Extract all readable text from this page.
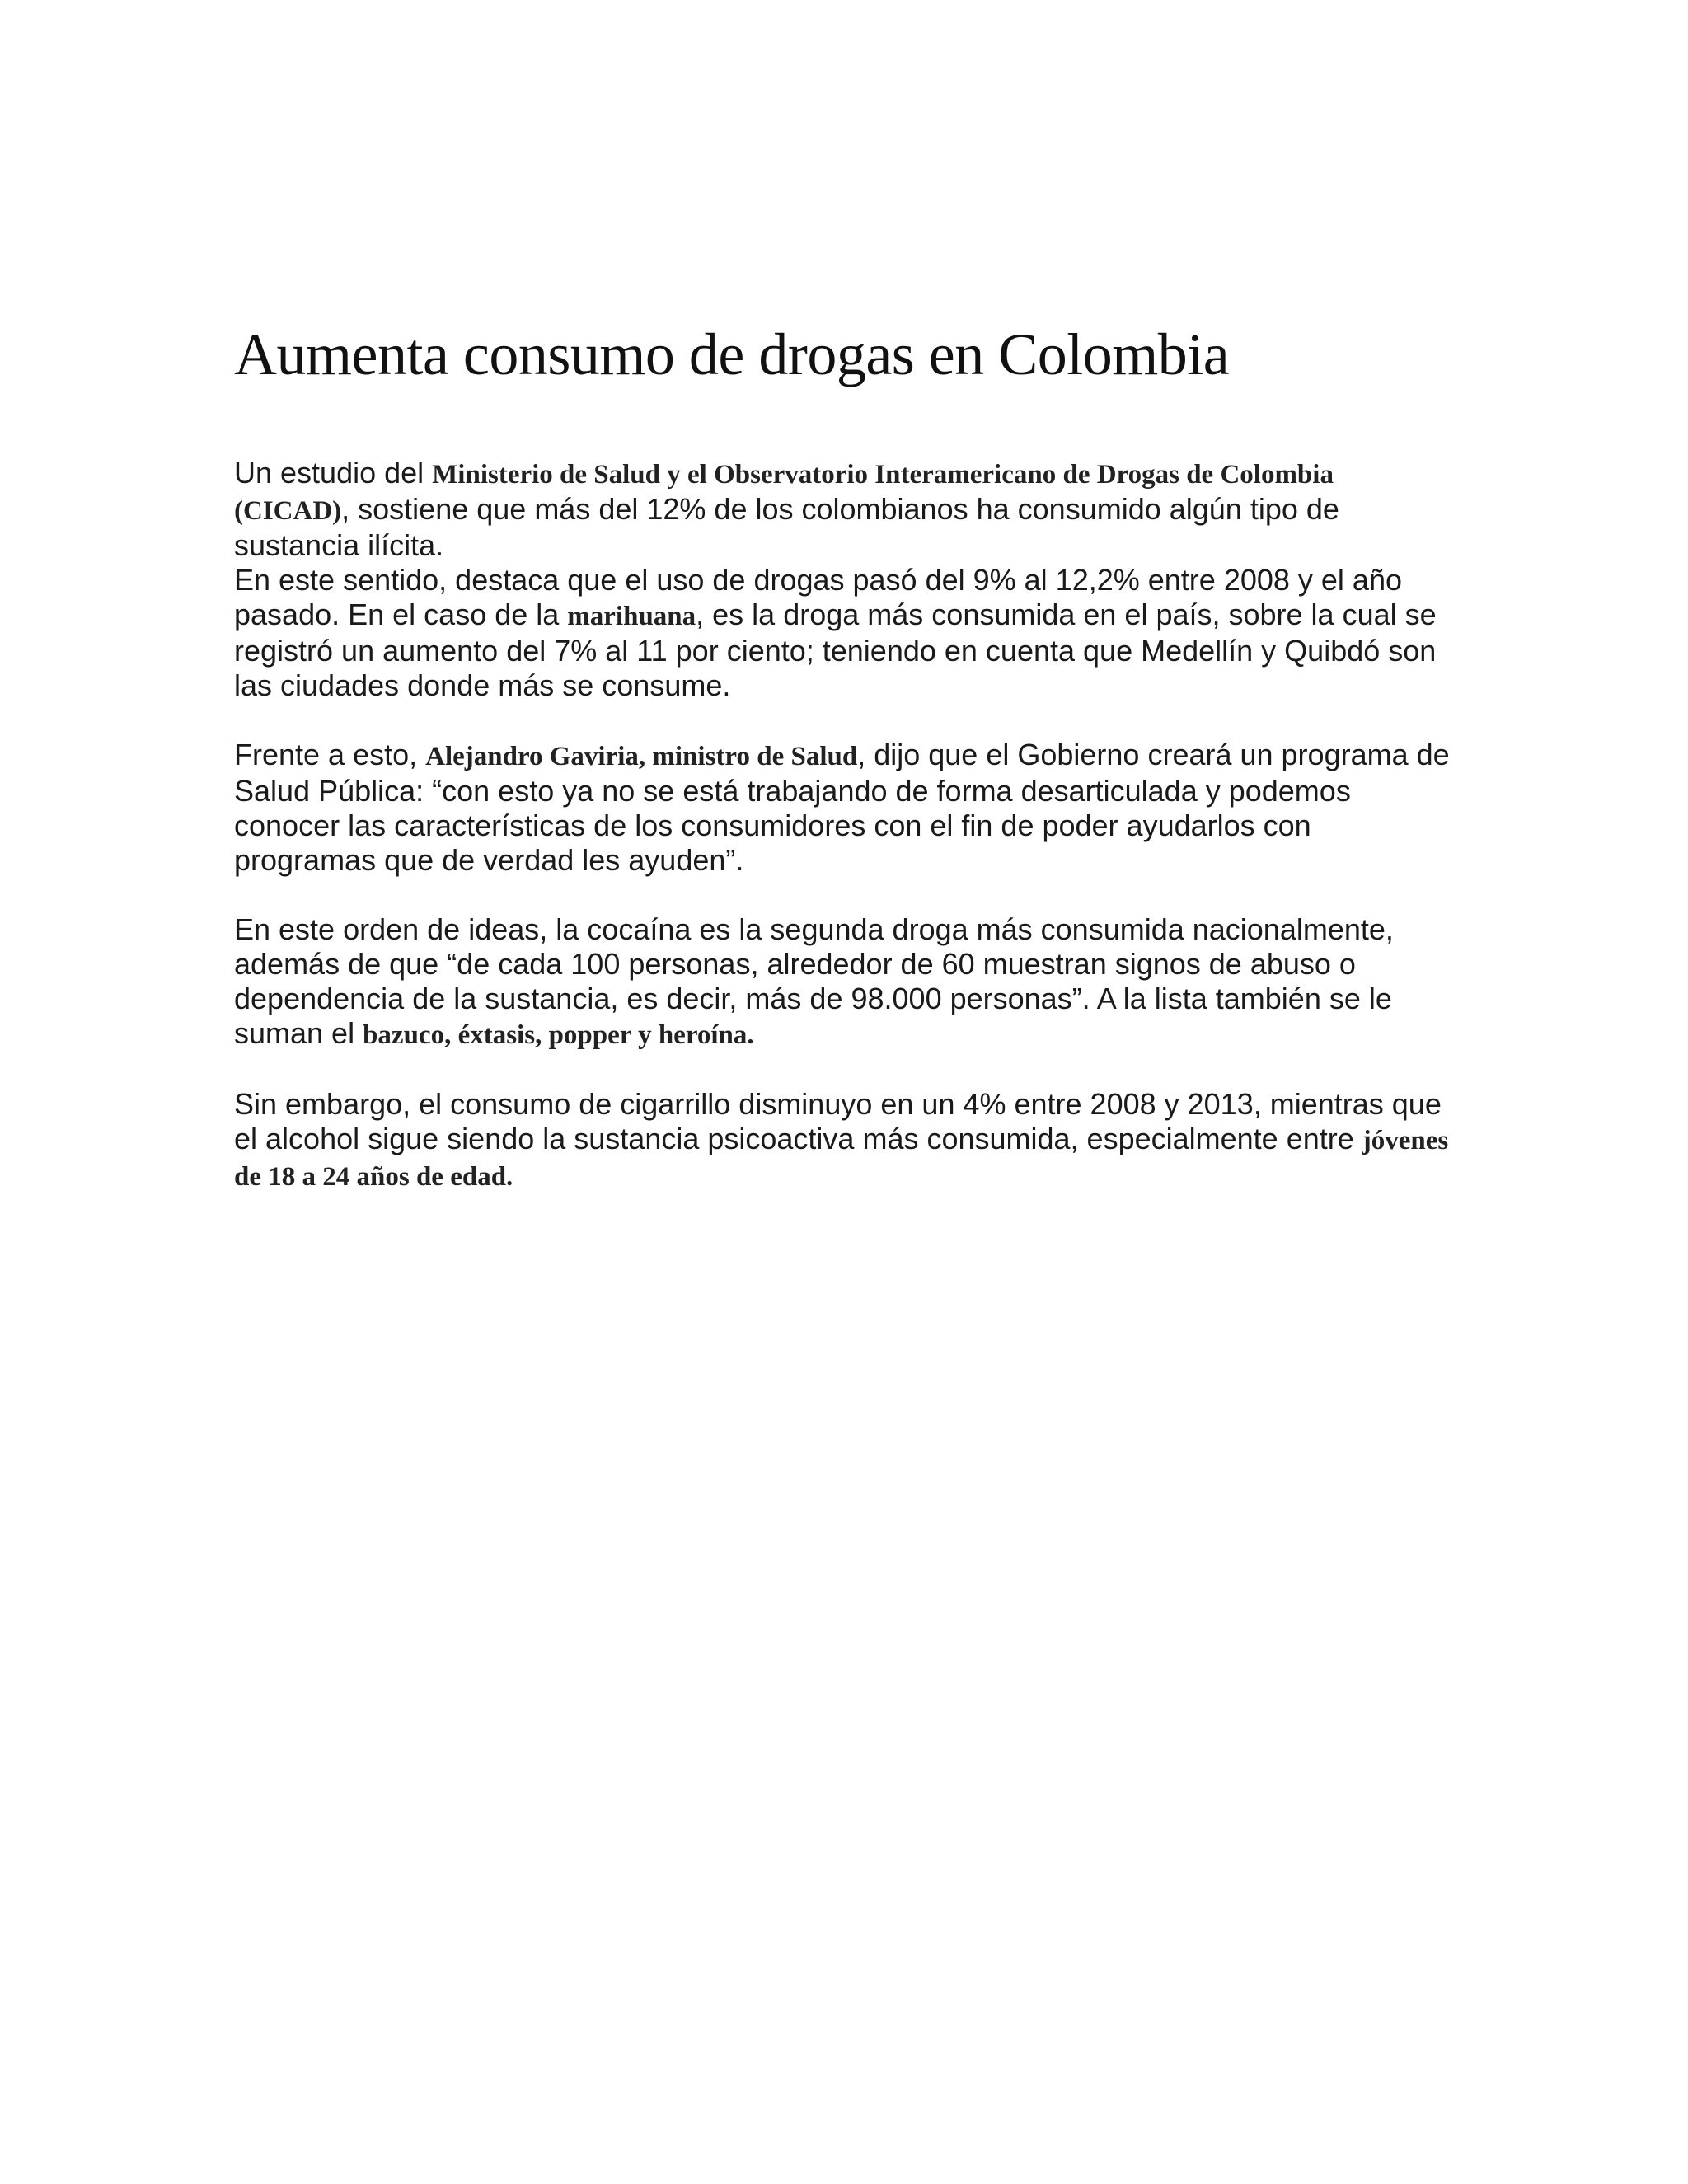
Aumenta consumo de drogas en Colombia

Un estudio del Ministerio de Salud y el Observatorio Interamericano de Drogas de Colombia (CICAD), sostiene que más del 12% de los colombianos ha consumido algún tipo de sustancia ilícita.

En este sentido, destaca que el uso de drogas pasó del 9% al 12,2% entre 2008 y el año pasado. En el caso de la marihuana, es la droga más consumida en el país, sobre la cual se registró un aumento del 7% al 11 por ciento; teniendo en cuenta que Medellín y Quibdó son las ciudades donde más se consume.

Frente a esto, Alejandro Gaviria, ministro de Salud, dijo que el Gobierno creará un programa de Salud Pública: “con esto ya no se está trabajando de forma desarticulada y podemos conocer las características de los consumidores con el fin de poder ayudarlos con programas que de verdad les ayuden”.

En este orden de ideas, la cocaína es la segunda droga más consumida nacionalmente, además de que “de cada 100 personas, alrededor de 60 muestran signos de abuso o dependencia de la sustancia, es decir, más de 98.000 personas”. A la lista también se le suman el bazuco, éxtasis, popper y heroína.

Sin embargo, el consumo de cigarrillo disminuyo en un 4% entre 2008 y 2013, mientras que el alcohol sigue siendo la sustancia psicoactiva más consumida, especialmente entre jóvenes de 18 a 24 años de edad.
